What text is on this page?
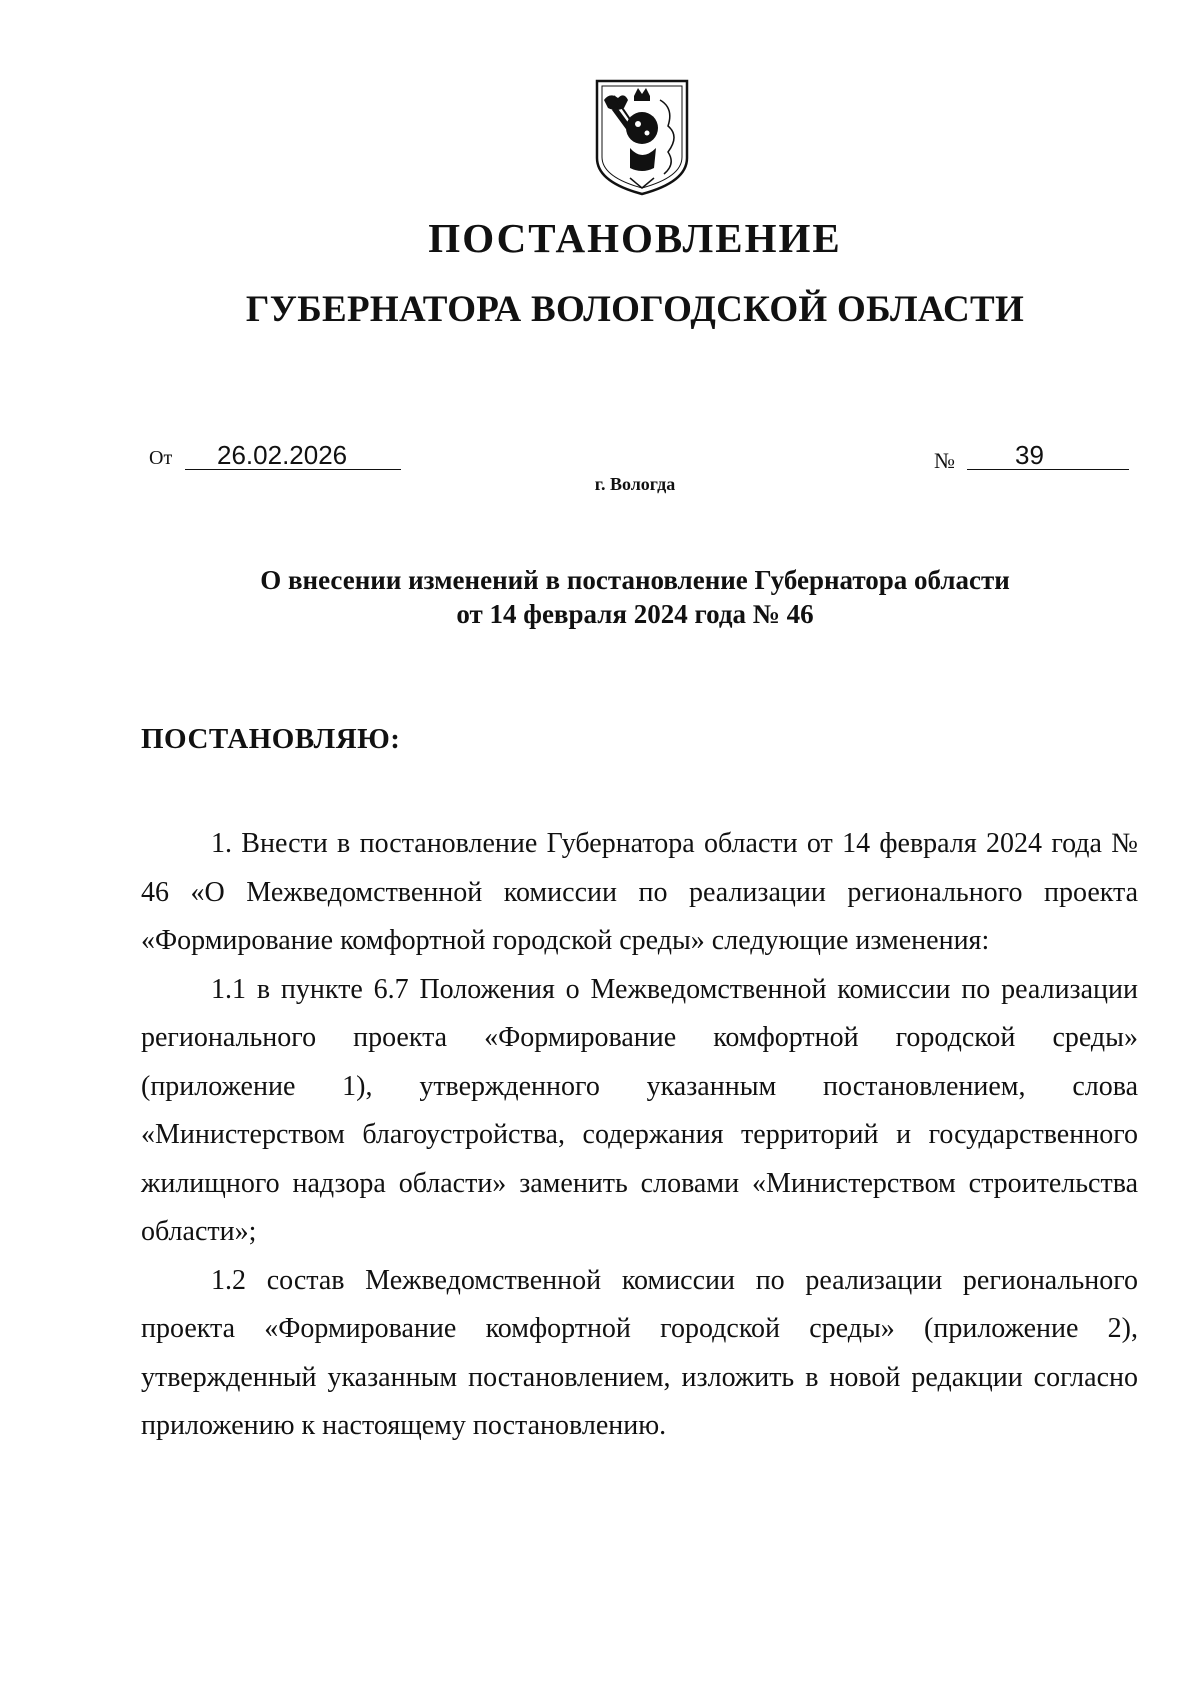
ПОСТАНОВЛЕНИЕ
ГУБЕРНАТОРА ВОЛОГОДСКОЙ ОБЛАСТИ
От	26.02.2026	№	39
г. Вологда
О внесении изменений в постановление Губернатора области
от 14 февраля 2024 года № 46
ПОСТАНОВЛЯЮ:

1. Внести в постановление Губернатора области от 14 февраля 2024 года № 46 «О Межведомственной комиссии по реализации регионального проекта «Формирование комфортной городской среды» следующие изменения:

1.1 в пункте 6.7 Положения о Межведомственной комиссии по реализации регионального проекта «Формирование комфортной городской среды» (приложение 1), утвержденного указанным постановлением, слова «Министерством благоустройства, содержания территорий и государственного жилищного надзора области» заменить словами «Министерством строительства области»;

1.2 состав Межведомственной комиссии по реализации регионального проекта «Формирование комфортной городской среды» (приложение 2), утвержденный указанным постановлением, изложить в новой редакции согласно приложению к настоящему постановлению.
